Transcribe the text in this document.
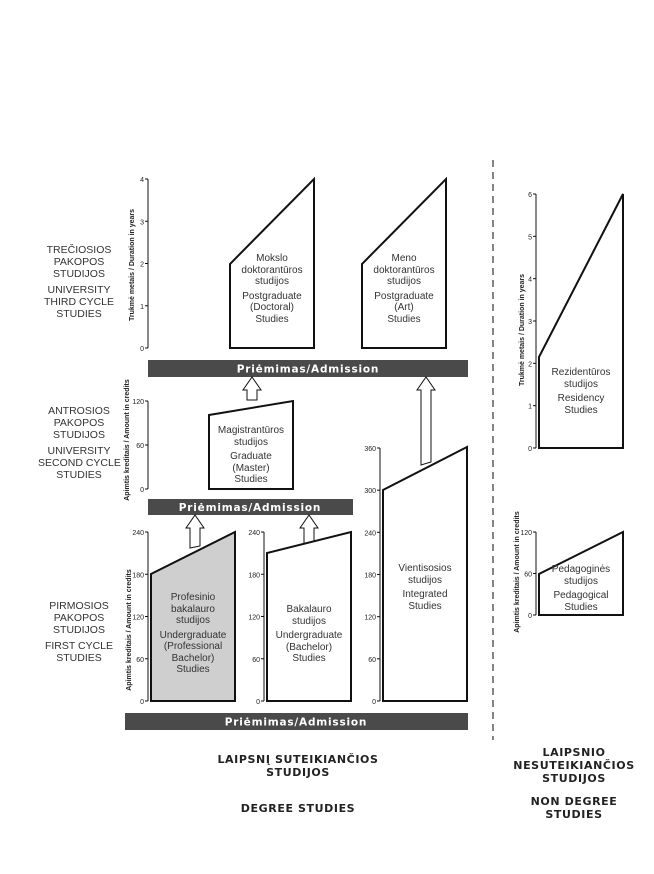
Priėmimas/Admission
Priėmimas/Admission
Priėmimas/Admission
0
1
2
3
4
0
60
120
0
60
120
180
240
0
60
120
180
240
0
60
120
180
240
300
360	0
1
2
3
4
5
6
0
60
120
Trukmė metais / Duration in years
Apimtis kreditais / Amount in credits
Apimtis kreditais / Amount in credits
Trukmė metais / Duration in years
Apimtis kreditais / Amount in credits
TREČIOSIOS
PAKOPOS
STUDIJOS
UNIVERSITY
THIRD CYCLE
STUDIES
ANTROSIOS
PAKOPOS
STUDIJOS
UNIVERSITY
SECOND CYCLE
STUDIES
PIRMOSIOS
PAKOPOS
STUDIJOS
FIRST CYCLE
STUDIES
Mokslo
doktorantūros
studijos
Postgraduate
(Doctoral)
Studies
Meno
doktorantūros
studijos
Postgraduate
(Art)
Studies
Magistrantūros
studijos
Graduate
(Master)
Studies
Profesinio
bakalauro
studijos
Undergraduate
(Professional
Bachelor)
Studies
Bakalauro
studijos
Undergraduate
(Bachelor)
Studies
Vientisosios
studijos
Integrated
Studies
Rezidentūros
studijos
Residency
Studies
Pedagoginės
studijos
Pedagogical
Studies
LAIPSNĮ SUTEIKIANČIOS
STUDIJOS
DEGREE STUDIES
LAIPSNIO
NESUTEIKIANČIOS
STUDIJOS
NON DEGREE
STUDIES
